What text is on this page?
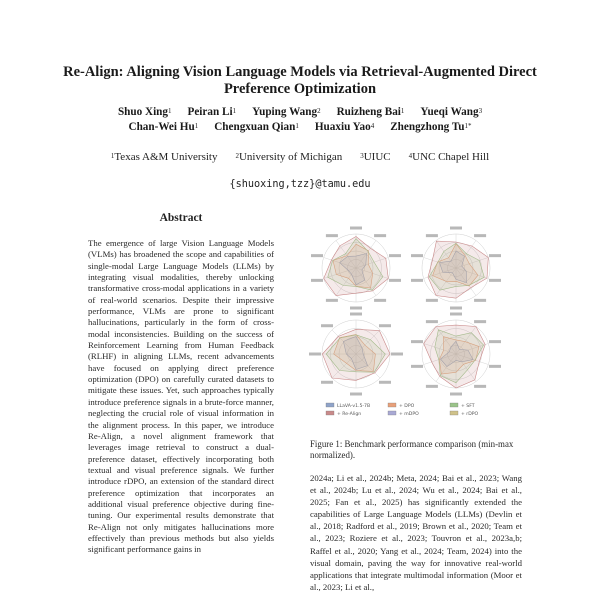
Re-Align: Aligning Vision Language Models via Retrieval-Augmented Direct Preference Optimization
Shuo Xing$^1$ Peiran Li$^1$ Yuping Wang$^2$ Ruizheng Bai$^1$ Yueqi Wang$^3$
Chan-Wei Hu$^1$ Chengxuan Qian$^1$ Huaxiu Yao$^4$ Zhengzhong $Tu^{1*}$
$^1$Texas A&M University	$^2$University of Michigan	$^3$UIUC	$^4$UNC Chapel Hill
{shuoxing,tzz}@tamu.edu
Abstract

The emergence of large Vision Language Models (VLMs) has broadened the scope and capabilities of single-modal Large Language Models (LLMs) by integrating visual modalities, thereby unlocking transformative cross-modal applications in a variety of real-world scenarios. Despite their impressive performance, VLMs are prone to significant hallucinations, particularly in the form of cross-modal inconsistencies. Building on the success of Reinforcement Learning from Human Feedback (RLHF) in aligning LLMs, recent advancements have focused on applying direct preference optimization (DPO) on carefully curated datasets to mitigate these issues. Yet, such approaches typically introduce preference signals in a brute-force manner, neglecting the crucial role of visual information in the alignment process. In this paper, we introduce Re-Align, a novel alignment framework that leverages image retrieval to construct a dual-preference dataset, effectively incorporating both textual and visual preference signals. We further introduce rDPO, an extension of the standard direct preference optimization that incorporates an additional visual preference objective during fine-tuning. Our experimental results demonstrate that Re-Align not only mitigates hallucinations more effectively than previous methods but also yields significant performance gains in

LLaVA-v1.5-7B	+ DPO	+ SFT
+ Re-Align	+ mDPO	+ rDPO
Figure 1: Benchmark performance comparison (min-max normalized).

2024a; Li et al., 2024b; Meta, 2024; Bai et al., 2023; Wang et al., 2024b; Lu et al., 2024; Wu et al., 2024; Bai et al., 2025; Fan et al., 2025) has significantly extended the capabilities of Large Language Models (LLMs) (Devlin et al., 2018; Radford et al., 2019; Brown et al., 2020; Team et al., 2023; Roziere et al., 2023; Touvron et al., 2023a,b; Raffel et al., 2020; Yang et al., 2024; Team, 2024) into the visual domain, paving the way for innovative real-world applications that integrate multimodal information (Moor et al., 2023; Li et al.,
